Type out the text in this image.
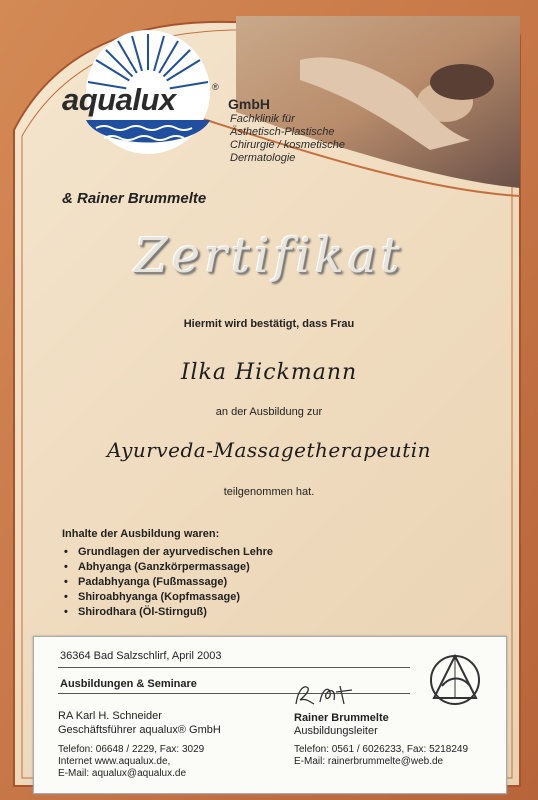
aqualux	®
GmbH
Fachklinik für
Ästhetisch-Plastische
Chirurgie / kosmetische
Dermatologie
& Rainer Brummelte
Zertifikat
Hiermit wird bestätigt, dass Frau
Ilka Hickmann
an der Ausbildung zur
Ayurveda-Massagetherapeutin
teilgenommen hat.
Inhalte der Ausbildung waren:
• Grundlagen der ayurvedischen Lehre
• Abhyanga (Ganzkörpermassage)
• Padabhyanga (Fußmassage)
• Shiroabhyanga (Kopfmassage)
• Shirodhara (Öl-Stirnguß)
36364 Bad Salzschlirf, April 2003
Ausbildungen & Seminare
RA Karl H. Schneider
Geschäftsführer aqualux® GmbH
Telefon: 06648 / 2229, Fax: 3029
Internet www.aqualux.de,
E-Mail: aqualux@aqualux.de
Rainer Brummelte
Ausbildungsleiter
Telefon: 0561 / 6026233, Fax: 5218249
E-Mail: rainerbrummelte@web.de
